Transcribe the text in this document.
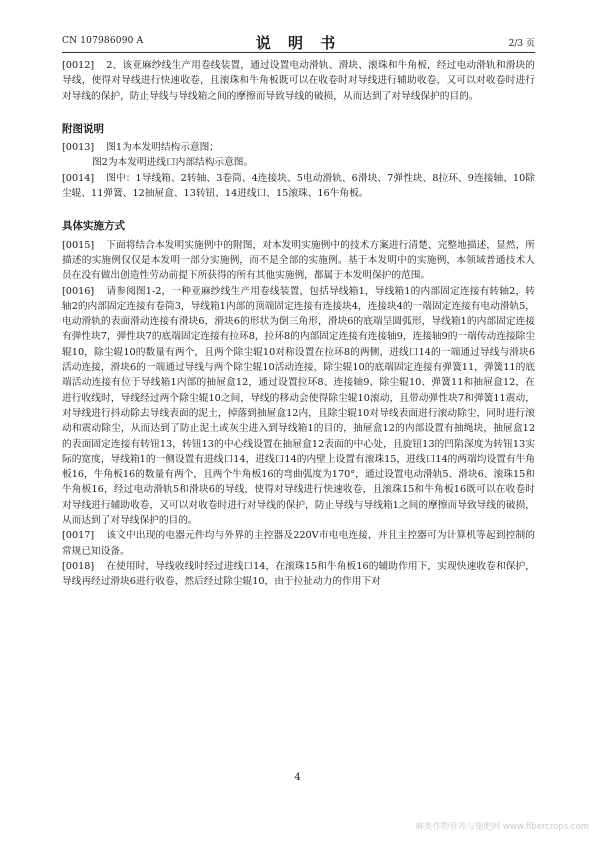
CN 107986090 A	说 明 书	2/3 页

[0012] 2、该亚麻纱线生产用卷线装置，通过设置电动滑轨、滑块、滚珠和牛角板，经过电动滑轨和滑块的导线，使得对导线进行快速收卷，且滚珠和牛角板既可以在收卷时对导线进行辅助收卷，又可以对收卷时进行对导线的保护，防止导线与导线箱之间的摩擦而导致导线的破损，从而达到了对导线保护的目的。

附图说明

[0013] 图1为本发明结构示意图；

图2为本发明进线口内部结构示意图。

[0014] 图中：1导线箱、2转轴、3卷筒、4连接块、5电动滑轨、6滑块、7弹性块、8拉环、9连接轴、10除尘辊、11弹簧、12抽屉盒、13转钮、14进线口、15滚珠、16牛角板。

具体实施方式

[0015] 下面将结合本发明实施例中的附图，对本发明实施例中的技术方案进行清楚、完整地描述，显然，所描述的实施例仅仅是本发明一部分实施例，而不是全部的实施例。基于本发明中的实施例，本领域普通技术人员在没有做出创造性劳动前提下所获得的所有其他实施例，都属于本发明保护的范围。

[0016] 请参阅图1-2，一种亚麻纱线生产用卷线装置，包括导线箱1，导线箱1的内部固定连接有转轴2，转轴2的内部固定连接有卷筒3，导线箱1内部的顶端固定连接有连接块4，连接块4的一端固定连接有电动滑轨5，电动滑轨的表面滑动连接有滑块6，滑块6的形状为倒三角形，滑块6的底端呈圆弧形，导线箱1的内部固定连接有弹性块7，弹性块7的底端固定连接有拉环8，拉环8的内部固定连接有连接轴9，连接轴9的一端传动连接除尘辊10，除尘辊10的数量有两个，且两个除尘辊10对称设置在拉环8的两侧，进线口14的一端通过导线与滑块6活动连接，滑块6的一端通过导线与两个除尘辊10活动连接，除尘辊10的底端固定连接有弹簧11，弹簧11的底端活动连接有位于导线箱1内部的抽屉盒12，通过设置拉环8、连接轴9、除尘辊10、弹簧11和抽屉盒12，在进行收线时，导线经过两个除尘辊10之间，导线的移动会使得除尘辊10滚动，且带动弹性块7和弹簧11震动，对导线进行抖动除去导线表面的泥土，掉落到抽屉盒12内，且除尘辊10对导线表面进行滚动除尘，同时进行滚动和震动除尘，从而达到了防止泥土或灰尘进入到导线箱1的目的，抽屉盒12的内部设置有抽绳块，抽屉盒12的表面固定连接有转钮13，转钮13的中心线设置在抽屉盒12表面的中心处，且旋钮13的凹陷深度为转钮13实际的宽度，导线箱1的一侧设置有进线口14，进线口14的内壁上设置有滚珠15，进线口14的两端均设置有牛角板16，牛角板16的数量有两个，且两个牛角板16的弯曲弧度为170°，通过设置电动滑轨5、滑块6、滚珠15和牛角板16，经过电动滑轨5和滑块6的导线，使得对导线进行快速收卷，且滚珠15和牛角板16既可以在收卷时对导线进行辅助收卷，又可以对收卷时进行对导线的保护，防止导线与导线箱1之间的摩擦而导致导线的破损，从而达到了对导线保护的目的。

[0017] 该文中出现的电器元件均与外界的主控器及220V市电电连接，并且主控器可为计算机等起到控制的常规已知设备。

[0018] 在使用时，导线收线时经过进线口14，在滚珠15和牛角板16的辅助作用下，实现快速收卷和保护，导线再经过滑块6进行收卷，然后经过除尘辊10，由于拉扯动力的作用下对

4
麻类作物营养与施肥网 www.fibercrops.com
